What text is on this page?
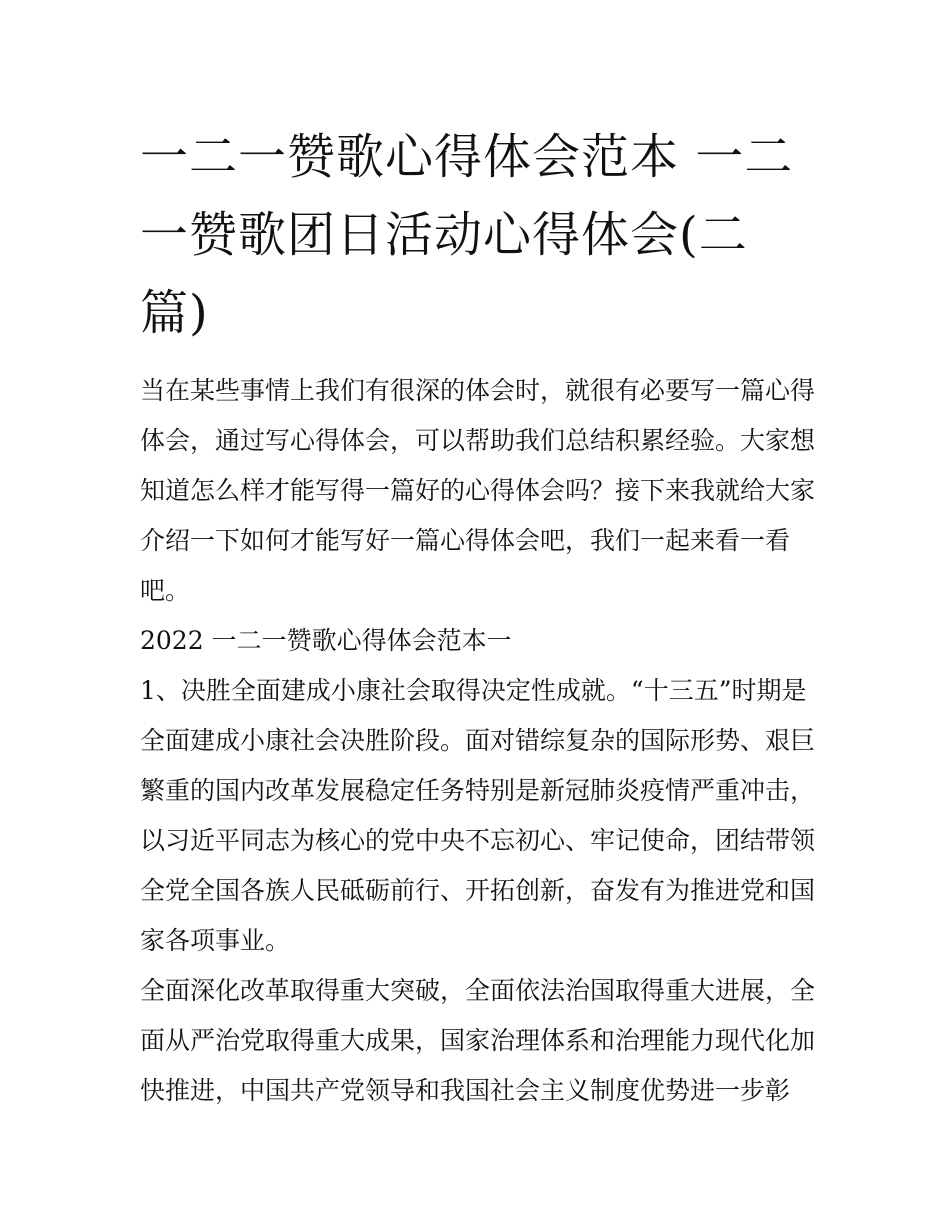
一二一赞歌心得体会范本 一二
一赞歌团日活动心得体会(二
篇)
当在某些事情上我们有很深的体会时，就很有必要写一篇心得
体会，通过写心得体会，可以帮助我们总结积累经验。大家想
知道怎么样才能写得一篇好的心得体会吗？接下来我就给大家
介绍一下如何才能写好一篇心得体会吧，我们一起来看一看
吧。
2022 一二一赞歌心得体会范本一
1、决胜全面建成小康社会取得决定性成就。“十三五”时期是
全面建成小康社会决胜阶段。面对错综复杂的国际形势、艰巨
繁重的国内改革发展稳定任务特别是新冠肺炎疫情严重冲击，
以习近平同志为核心的党中央不忘初心、牢记使命，团结带领
全党全国各族人民砥砺前行、开拓创新，奋发有为推进党和国
家各项事业。
全面深化改革取得重大突破，全面依法治国取得重大进展，全
面从严治党取得重大成果，国家治理体系和治理能力现代化加
快推进，中国共产党领导和我国社会主义制度优势进一步彰
